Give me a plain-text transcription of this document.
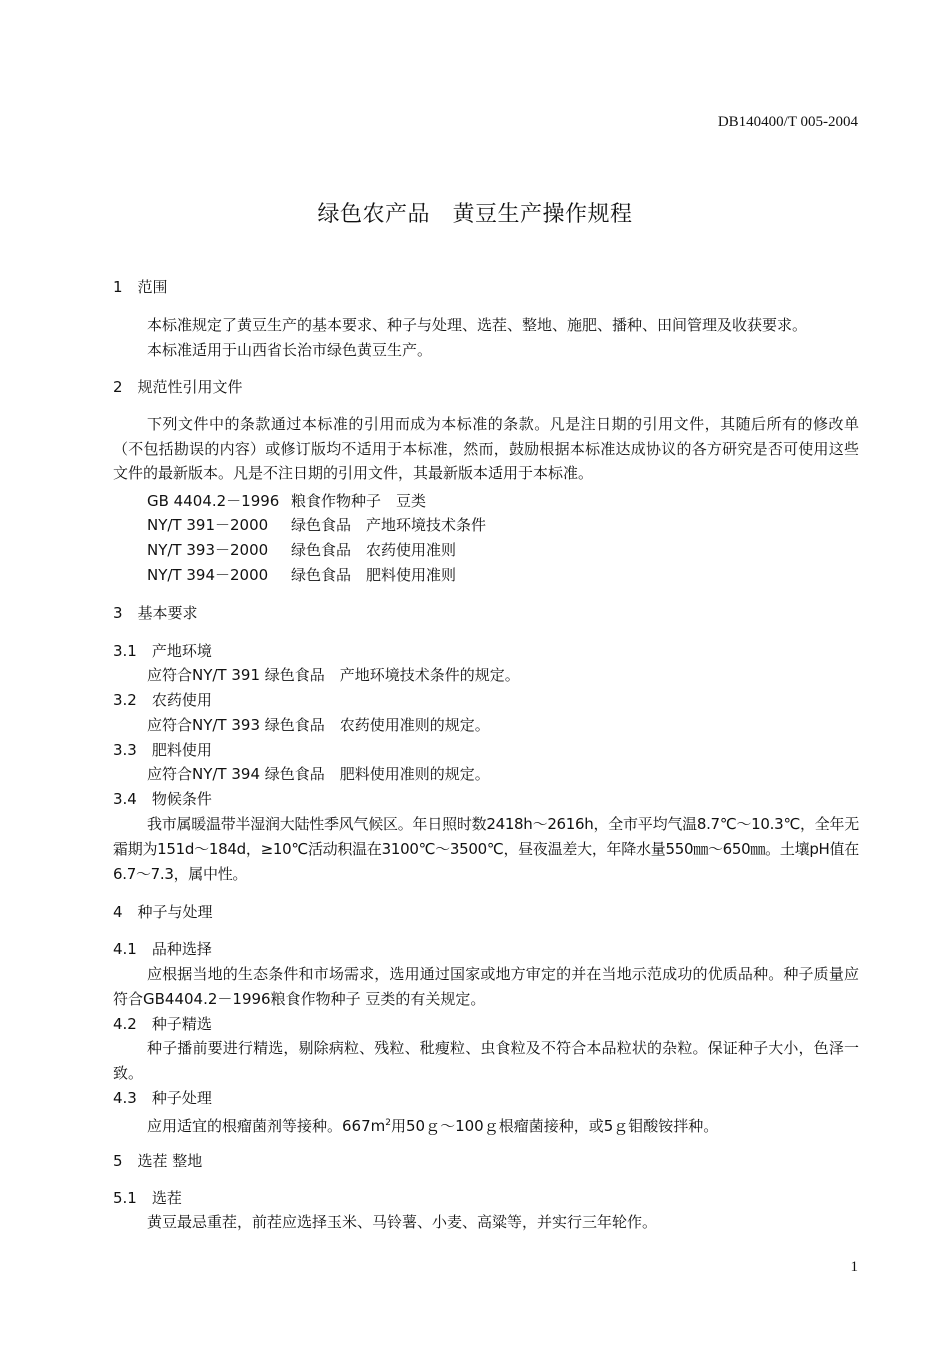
DB140400/T 005-2004
绿色农产品　黄豆生产操作规程
1　范围
本标准规定了黄豆生产的基本要求、种子与处理、选茬、整地、施肥、播种、田间管理及收获要求。
本标准适用于山西省长治市绿色黄豆生产。
2　规范性引用文件
下列文件中的条款通过本标准的引用而成为本标准的条款。凡是注日期的引用文件，其随后所有的修改单（不包括勘误的内容）或修订版均不适用于本标准，然而，鼓励根据本标准达成协议的各方研究是否可使用这些文件的最新版本。凡是不注日期的引用文件，其最新版本适用于本标准。
GB 4404.2－1996 粮食作物种子　豆类
NY/T 391－2000 绿色食品　产地环境技术条件
NY/T 393－2000 绿色食品　农药使用准则
NY/T 394－2000 绿色食品　肥料使用准则
3　基本要求
3.1　产地环境
应符合NY/T 391 绿色食品　产地环境技术条件的规定。
3.2　农药使用
应符合NY/T 393 绿色食品　农药使用准则的规定。
3.3　肥料使用
应符合NY/T 394 绿色食品　肥料使用准则的规定。
3.4　物候条件
我市属暖温带半湿润大陆性季风气候区。年日照时数2418h～2616h，全市平均气温8.7℃～10.3℃，全年无霜期为151d～184d，≥10℃活动积温在3100℃～3500℃，昼夜温差大，年降水量550㎜～650㎜。土壤pH值在6.7～7.3，属中性。
4　种子与处理
4.1　品种选择
应根据当地的生态条件和市场需求，选用通过国家或地方审定的并在当地示范成功的优质品种。种子质量应符合GB4404.2－1996粮食作物种子 豆类的有关规定。
4.2　种子精选
种子播前要进行精选，剔除病粒、残粒、秕瘦粒、虫食粒及不符合本品粒状的杂粒。保证种子大小，色泽一致。
4.3　种子处理
应用适宜的根瘤菌剂等接种。$667m^2$用50ｇ～100ｇ根瘤菌接种，或5ｇ钼酸铵拌种。
5　选茬 整地
5.1　选茬
黄豆最忌重茬，前茬应选择玉米、马铃薯、小麦、高粱等，并实行三年轮作。
1
